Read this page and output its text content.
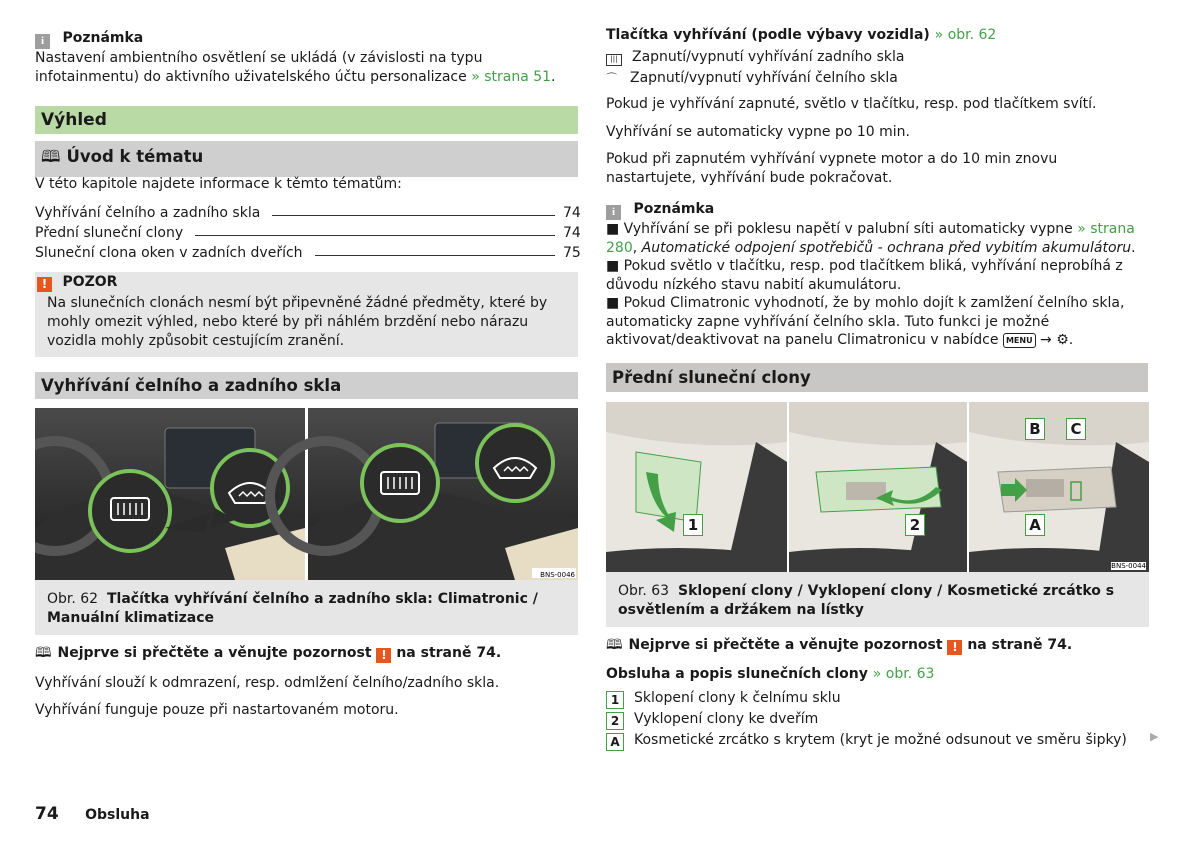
i Poznámka

Nastavení ambientního osvětlení se ukládá (v závislosti na typu infotainmentu) do aktivního uživatelského účtu personalizace » strana 51.

Výhled
🕮 Úvod k tématu

V této kapitole najdete informace k těmto tématům:

Vyhřívání čelního a zadního skla	74
Přední sluneční clony	74
Sluneční clona oken v zadních dveřích	75
! POZOR

Na slunečních clonách nesmí být připevněné žádné předměty, které by mohly omezit výhled, nebo které by při náhlém brzdění nebo nárazu vozidla mohly způsobit cestujícím zranění.

Vyhřívání čelního a zadního skla
BNS-0046
Obr. 62 Tlačítka vyhřívání čelního a zadního skla: Climatronic / Manuální klimatizace
🕮 Nejprve si přečtěte a věnujte pozornost ! na straně 74.

Vyhřívání slouží k odmrazení, resp. odmlžení čelního/zadního skla.

Vyhřívání funguje pouze při nastartovaném motoru.

Tlačítka vyhřívání (podle výbavy vozidla) » obr. 62
||| Zapnutí/vypnutí vyhřívání zadního skla
⌒ Zapnutí/vypnutí vyhřívání čelního skla

Pokud je vyhřívání zapnuté, světlo v tlačítku, resp. pod tlačítkem svítí.

Vyhřívání se automaticky vypne po 10 min.

Pokud při zapnutém vyhřívání vypnete motor a do 10 min znovu nastartujete, vyhřívání bude pokračovat.

i Poznámka

■ Vyhřívání se při poklesu napětí v palubní síti automaticky vypne » strana 280, Automatické odpojení spotřebičů - ochrana před vybitím akumulátoru.

■ Pokud světlo v tlačítku, resp. pod tlačítkem bliká, vyhřívání neprobíhá z důvodu nízkého stavu nabití akumulátoru.

■ Pokud Climatronic vyhodnotí, že by mohlo dojít k zamlžení čelního skla, automaticky zapne vyhřívání čelního skla. Tuto funkci je možné aktivovat/deaktivovat na panelu Climatronicu v nabídce MENU → ⚙.

Přední sluneční clony
1	2	A
B C
BNS-0044
Obr. 63 Sklopení clony / Vyklopení clony / Kosmetické zrcátko s osvětlením a držákem na lístky
🕮 Nejprve si přečtěte a věnujte pozornost ! na straně 74.
Obsluha a popis slunečních clony » obr. 63
1 Sklopení clony k čelnímu sklu
2 Vyklopení clony ke dveřím
A Kosmetické zrcátko s krytem (kryt je možné odsunout ve směru šipky) ▶
74 Obsluha
